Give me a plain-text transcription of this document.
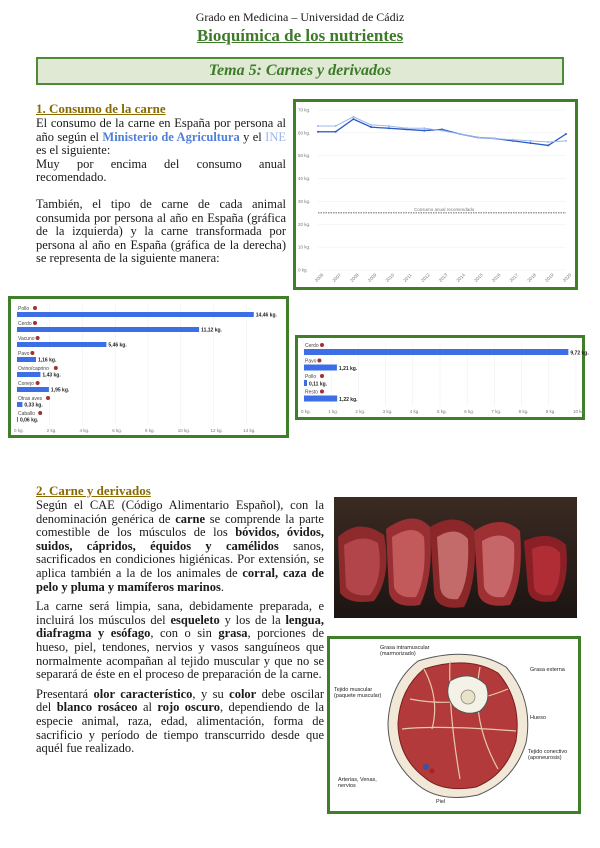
Grado en Medicina – Universidad de Cádiz
Bioquímica de los nutrientes
Tema 5: Carnes y derivados
1. Consumo de la carne
El consumo de la carne en España por persona al año según el Ministerio de Agricultura y el INE es el siguiente:
Muy por encima del consumo anual recomendado.
También, el tipo de carne de cada animal consumida por persona al año en España (gráfica de la izquierda) y la carne transformada por persona al año en España (gráfica de la derecha) se representa de la siguiente manera:
70 kg.
60 kg.
50 kg.
40 kg.
30 kg.
20 kg.
10 kg.
0 kg.
2006 2007 2008 2009 2010 2011 2012 2013 2014 2015 2016 2017 2018 2019 2020
Consumo anual recomendado
0 kg.	2 kg.	4 kg.	6 kg.	8 kg.	10 kg.	12 kg.	14 kg.
Pollo
14,46 kg.
Cerdo
11,12 kg.
Vacuno
5,46 kg.
Pavo
1,16 kg.
Ovino/caprino
1,43 kg.
Conejo
1,95 kg.
Otras aves
0,33 kg.
Caballo
0,06 kg.
0 kg.	1 kg.	2 kg.	3 kg.	4 kg.	5 kg.	6 kg.	7 kg.	8 kg.	9 kg.	10 kg.
Cerdo
9,72 kg.
Pavo
1,21 kg.
Pollo
0,11 kg.
Resto
1,22 kg.
2. Carne y derivados
Según el CAE (Código Alimentario Español), con la denominación genérica de carne se comprende la parte comestible de los músculos de los bóvidos, óvidos, suidos, cápridos, équidos y camélidos sanos, sacrificados en condiciones higiénicas. Por extensión, se aplica también a la de los animales de corral, caza de pelo y pluma y mamíferos marinos.
La carne será limpia, sana, debidamente preparada, e incluirá los músculos del esqueleto y los de la lengua, diafragma y esófago, con o sin grasa, porciones de hueso, piel, tendones, nervios y vasos sanguíneos que normalmente acompañan al tejido muscular y que no se separará de éste en el proceso de preparación de la carne.
Presentará olor característico, y su color debe oscilar del blanco rosáceo al rojo oscuro, dependiendo de la especie animal, raza, edad, alimentación, forma de sacrificio y período de tiempo transcurrido desde que aquél fue realizado.
Grasa intramuscular (marmorizado)
Tejido muscular (paquete muscular)
Grasa externa
Hueso
Tejido conectivo (aponeurosis)
Arterias, Venas, nervios
Piel
